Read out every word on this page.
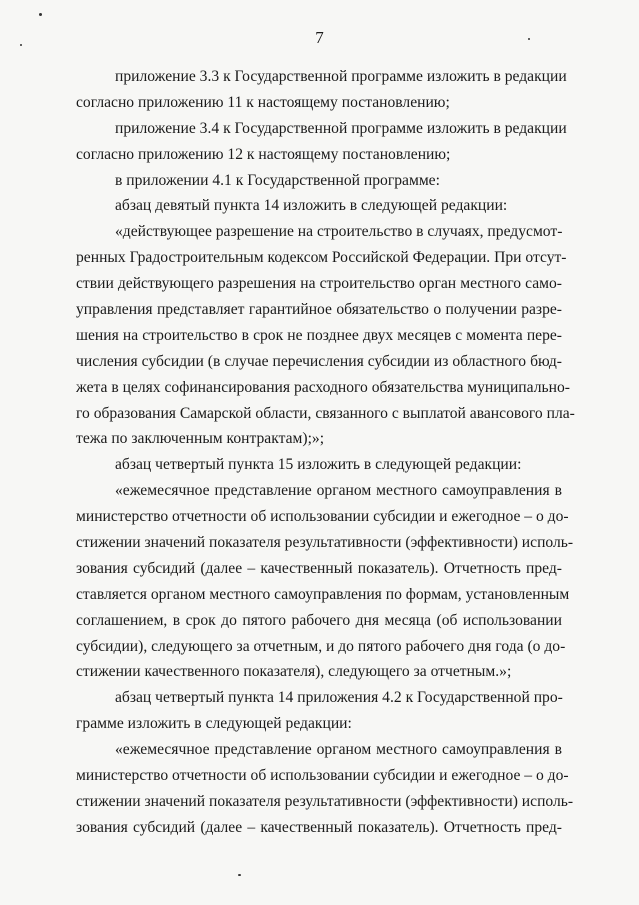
7
приложение 3.3 к Государственной программе изложить в редакции
согласно приложению 11 к настоящему постановлению;
приложение 3.4 к Государственной программе изложить в редакции
согласно приложению 12 к настоящему постановлению;
в приложении 4.1 к Государственной программе:
абзац девятый пункта 14 изложить в следующей редакции:
«действующее разрешение на строительство в случаях, предусмот-
ренных Градостроительным кодексом Российской Федерации. При отсут-
ствии действующего разрешения на строительство орган местного само-
управления представляет гарантийное обязательство о получении разре-
шения на строительство в срок не позднее двух месяцев с момента пере-
числения субсидии (в случае перечисления субсидии из областного бюд-
жета в целях софинансирования расходного обязательства муниципально-
го образования Самарской области, связанного с выплатой авансового пла-
тежа по заключенным контрактам);»;
абзац четвертый пункта 15 изложить в следующей редакции:
«ежемесячное представление органом местного самоуправления в
министерство отчетности об использовании субсидии и ежегодное – о до-
стижении значений показателя результативности (эффективности) исполь-
зования субсидий (далее – качественный показатель). Отчетность пред-
ставляется органом местного самоуправления по формам, установленным
соглашением, в срок до пятого рабочего дня месяца (об использовании
субсидии), следующего за отчетным, и до пятого рабочего дня года (о до-
стижении качественного показателя), следующего за отчетным.»;
абзац четвертый пункта 14 приложения 4.2 к Государственной про-
грамме изложить в следующей редакции:
«ежемесячное представление органом местного самоуправления в
министерство отчетности об использовании субсидии и ежегодное – о до-
стижении значений показателя результативности (эффективности) исполь-
зования субсидий (далее – качественный показатель). Отчетность пред-
